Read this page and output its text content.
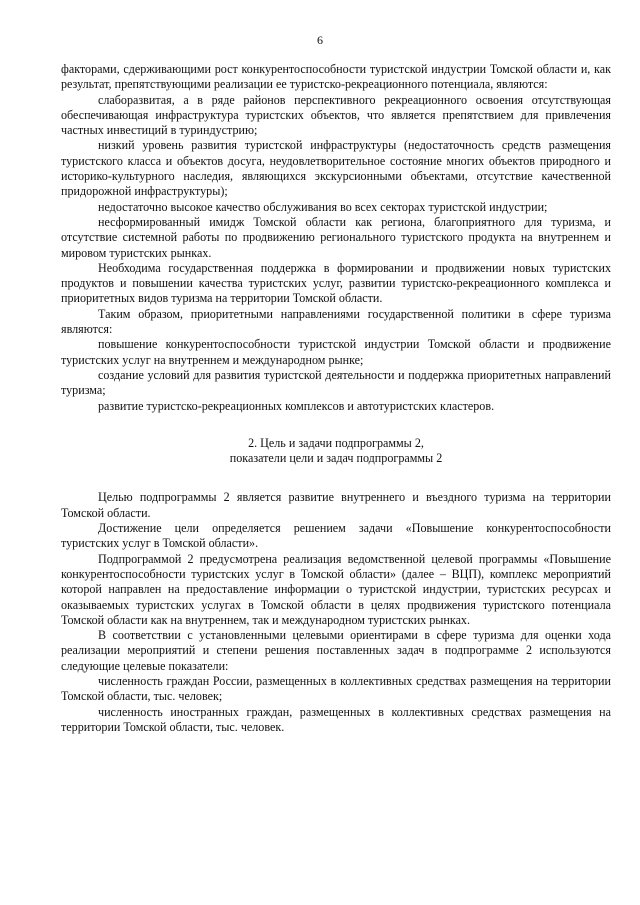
6

факторами, сдерживающими рост конкурентоспособности туристской индустрии Томской области и, как результат, препятствующими реализации ее туристско-рекреационного потенциала, являются:

слаборазвитая, а в ряде районов перспективного рекреационного освоения отсутствующая обеспечивающая инфраструктура туристских объектов, что является препятствием для привлечения частных инвестиций в туриндустрию;

низкий уровень развития туристской инфраструктуры (недостаточность средств размещения туристского класса и объектов досуга, неудовлетворительное состояние многих объектов природного и историко-культурного наследия, являющихся экскурсионными объектами, отсутствие качественной придорожной инфраструктуры);

недостаточно высокое качество обслуживания во всех секторах туристской индустрии;

несформированный имидж Томской области как региона, благоприятного для туризма, и отсутствие системной работы по продвижению регионального туристского продукта на внутреннем и мировом туристских рынках.

Необходима государственная поддержка в формировании и продвижении новых туристских продуктов и повышении качества туристских услуг, развитии туристско-рекреационного комплекса и приоритетных видов туризма на территории Томской области.

Таким образом, приоритетными направлениями государственной политики в сфере туризма являются:

повышение конкурентоспособности туристской индустрии Томской области и продвижение туристских услуг на внутреннем и международном рынке;

создание условий для развития туристской деятельности и поддержка приоритетных направлений туризма;

развитие туристско-рекреационных комплексов и автотуристских кластеров.

2. Цель и задачи подпрограммы 2,
показатели цели и задач подпрограммы 2

Целью подпрограммы 2 является развитие внутреннего и въездного туризма на территории Томской области.

Достижение цели определяется решением задачи «Повышение конкурентоспособности туристских услуг в Томской области».

Подпрограммой 2 предусмотрена реализация ведомственной целевой программы «Повышение конкурентоспособности туристских услуг в Томской области» (далее – ВЦП), комплекс мероприятий которой направлен на предоставление информации о туристской индустрии, туристских ресурсах и оказываемых туристских услугах в Томской области в целях продвижения туристского потенциала Томской области как на внутреннем, так и международном туристских рынках.

В соответствии с установленными целевыми ориентирами в сфере туризма для оценки хода реализации мероприятий и степени решения поставленных задач в подпрограмме 2 используются следующие целевые показатели:

численность граждан России, размещенных в коллективных средствах размещения на территории Томской области, тыс. человек;

численность иностранных граждан, размещенных в коллективных средствах размещения на территории Томской области, тыс. человек.
